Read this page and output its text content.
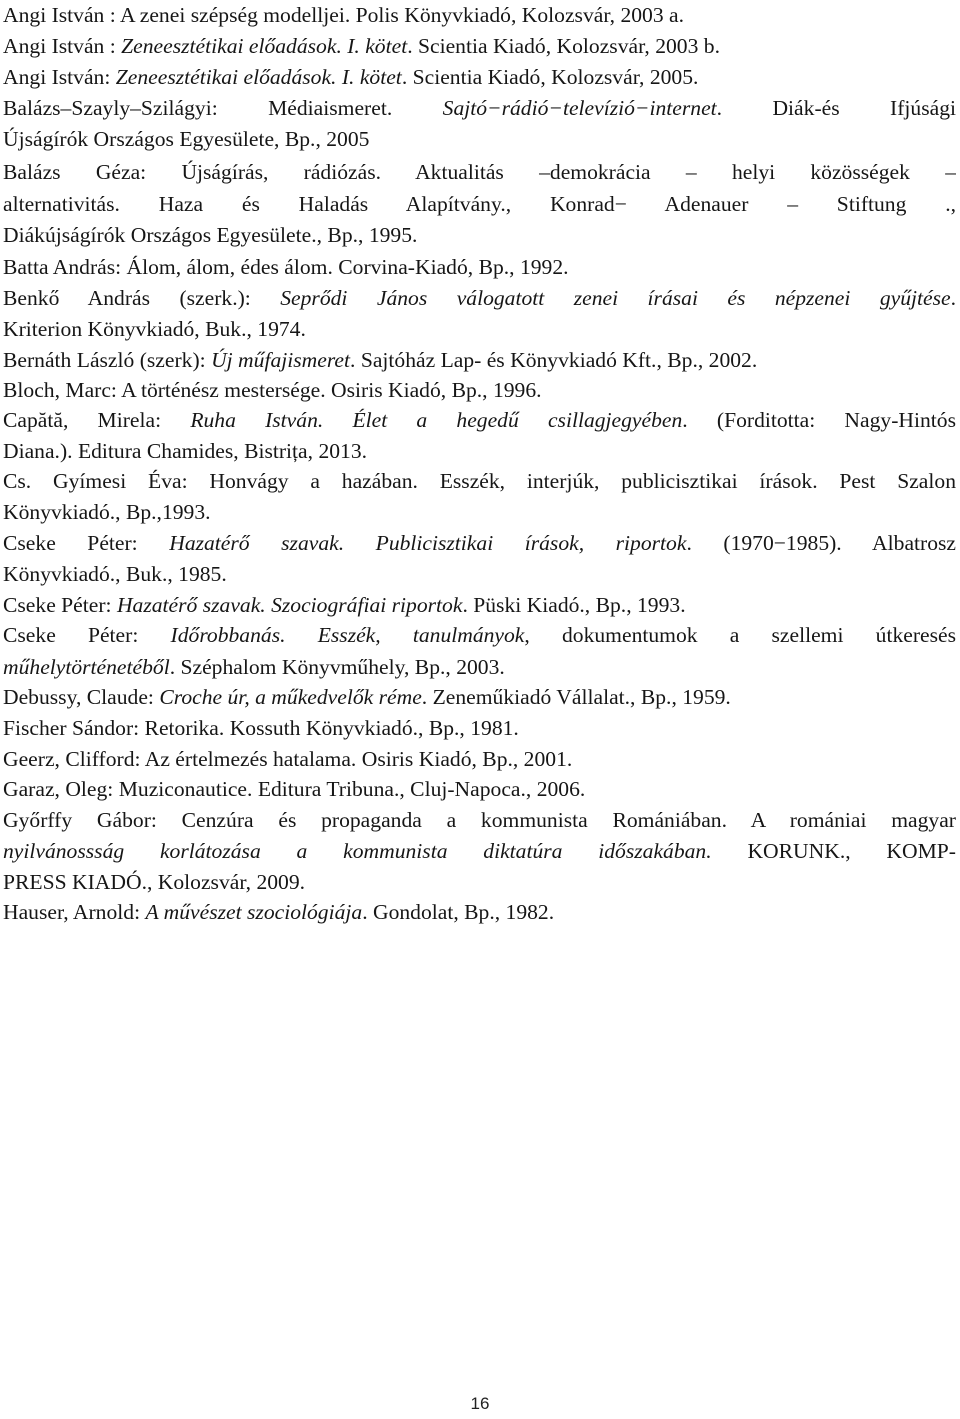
Angi István : A zenei szépség modelljei. Polis Könyvkiadó, Kolozsvár, 2003 a.
Angi István : Zeneesztétikai előadások. I. kötet. Scientia Kiadó, Kolozsvár, 2003 b.
Angi István: Zeneesztétikai előadások. I. kötet. Scientia Kiadó, Kolozsvár, 2005.
Balázs–Szayly–Szilágyi: Médiaismeret. Sajtó−rádió−televízió−internet. Diák-és Ifjúsági
Újságírók Országos Egyesülete, Bp., 2005
Balázs Géza: Újságírás, rádiózás. Aktualitás –demokrácia – helyi közösségek –
alternativitás. Haza és Haladás Alapítvány., Konrad− Adenauer – Stiftung .,
Diákújságírók Országos Egyesülete., Bp., 1995.
Batta András: Álom, álom, édes álom. Corvina-Kiadó, Bp., 1992.
Benkő András (szerk.): Seprődi János válogatott zenei írásai és népzenei gyűjtése.
Kriterion Könyvkiadó, Buk., 1974.
Bernáth László (szerk): Új műfajismeret. Sajtóház Lap- és Könyvkiadó Kft., Bp., 2002.
Bloch, Marc: A történész mestersége. Osiris Kiadó, Bp., 1996.
Capătă, Mirela: Ruha István. Élet a hegedű csillagjegyében. (Forditotta: Nagy-Hintós
Diana.). Editura Chamides, Bistrița, 2013.
Cs. Gyímesi Éva: Honvágy a hazában. Esszék, interjúk, publicisztikai írások. Pest Szalon
Könyvkiadó., Bp.,1993.
Cseke Péter: Hazatérő szavak. Publicisztikai írások, riportok. (1970−1985). Albatrosz
Könyvkiadó., Buk., 1985.
Cseke Péter: Hazatérő szavak. Szociográfiai riportok. Püski Kiadó., Bp., 1993.
Cseke Péter: Időrobbanás. Esszék, tanulmányok, dokumentumok a szellemi útkeresés
műhelytörténetéből. Széphalom Könyvműhely, Bp., 2003.
Debussy, Claude: Croche úr, a műkedvelők réme. Zeneműkiadó Vállalat., Bp., 1959.
Fischer Sándor: Retorika. Kossuth Könyvkiadó., Bp., 1981.
Geerz, Clifford: Az értelmezés hatalama. Osiris Kiadó, Bp., 2001.
Garaz, Oleg: Muziconautice. Editura Tribuna., Cluj-Napoca., 2006.
Győrffy Gábor: Cenzúra és propaganda a kommunista Romániában. A romániai magyar
nyilvánossság korlátozása a kommunista diktatúra időszakában. KORUNK., KOMP-
PRESS KIADÓ., Kolozsvár, 2009.
Hauser, Arnold: A művészet szociológiája. Gondolat, Bp., 1982.
16
